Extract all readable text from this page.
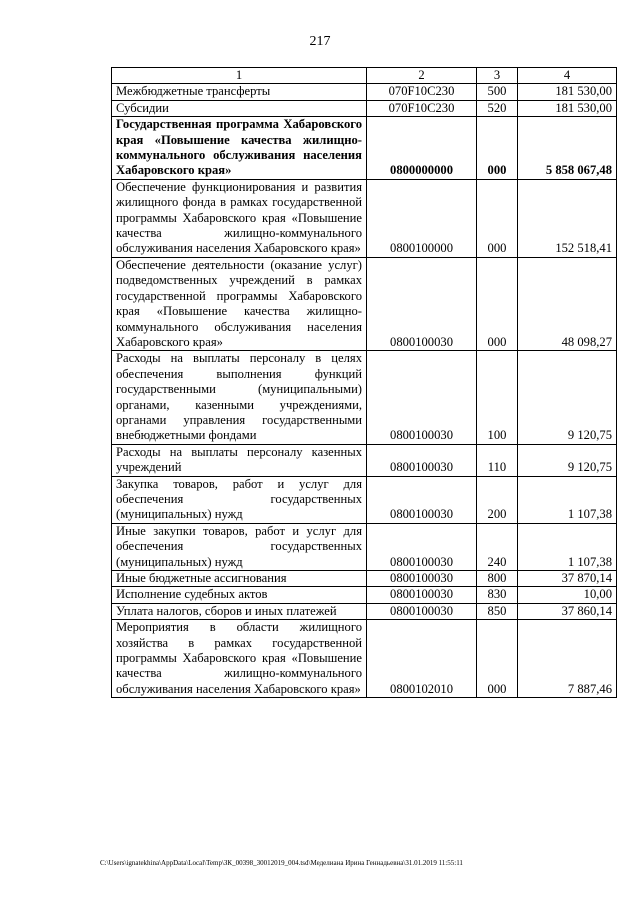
217
1	2	3	4
Межбюджетные трансферты	070F10C230	500	181 530,00
Субсидии	070F10C230	520	181 530,00
Государственная программа Хабаровского края «Повышение качества жилищно-коммунального обслуживания населения Хабаровского края»	0800000000	000	5 858 067,48
Обеспечение функционирования и развития жилищного фонда в рамках государственной программы Хабаровского края «Повышение качества жилищно-коммунального обслуживания населения Хабаровского края»	0800100000	000	152 518,41
Обеспечение деятельности (оказание услуг) подведомственных учреждений в рамках государственной программы Хабаровского края «Повышение качества жилищно-коммунального обслуживания населения Хабаровского края»	0800100030	000	48 098,27
Расходы на выплаты персоналу в целях обеспечения выполнения функций государственными (муниципальными) органами, казенными учреждениями, органами управления государственными внебюджетными фондами	0800100030	100	9 120,75
Расходы на выплаты персоналу казенных учреждений	0800100030	110	9 120,75
Закупка товаров, работ и услуг для обеспечения государственных (муниципальных) нужд	0800100030	200	1 107,38
Иные закупки товаров, работ и услуг для обеспечения государственных (муниципальных) нужд	0800100030	240	1 107,38
Иные бюджетные ассигнования	0800100030	800	37 870,14
Исполнение судебных актов	0800100030	830	10,00
Уплата налогов, сборов и иных платежей	0800100030	850	37 860,14
Мероприятия в области жилищного хозяйства в рамках государственной программы Хабаровского края «Повышение качества жилищно-коммунального обслуживания населения Хабаровского края»	0800102010	000	7 887,46
C:\Users\ignatekhina\AppData\Local\Temp\ЗК_00398_30012019_004.tsd\Меделиана Ирина Геннадьевна\31.01.2019 11:55:11
